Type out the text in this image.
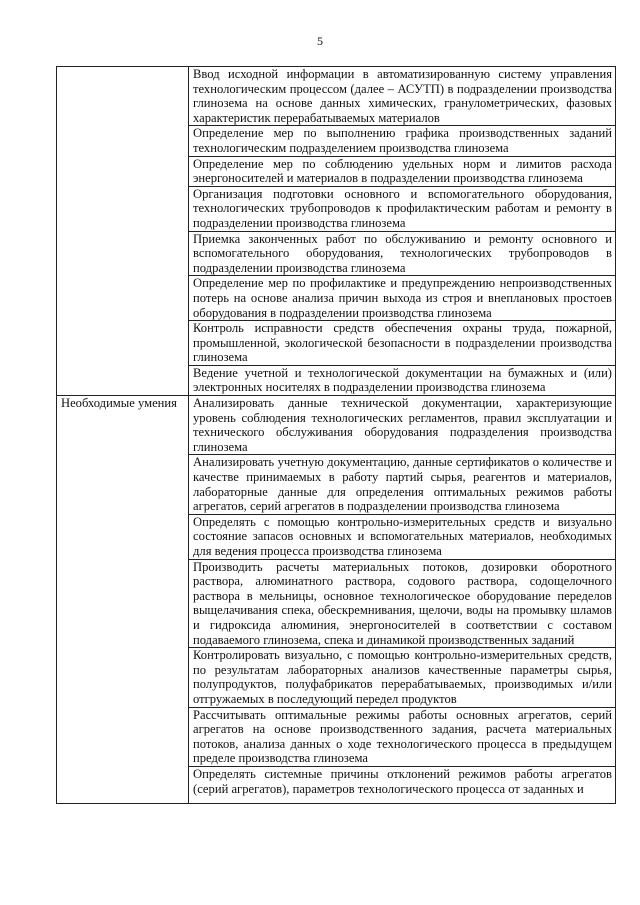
5

	Ввод исходной информации в автоматизированную систему управления технологическим процессом (далее – АСУТП) в подразделении производства глинозема на основе данных химических, гранулометрических, фазовых характеристик перерабатываемых материалов

	Определение мер по выполнению графика производственных заданий технологическим подразделением производства глинозема

	Определение мер по соблюдению удельных норм и лимитов расхода энергоносителей и материалов в подразделении производства глинозема

	Организация подготовки основного и вспомогательного оборудования, технологических трубопроводов к профилактическим работам и ремонту в подразделении производства глинозема

	Приемка законченных работ по обслуживанию и ремонту основного и вспомогательного оборудования, технологических трубопроводов в подразделении производства глинозема

	Определение мер по профилактике и предупреждению непроизводственных потерь на основе анализа причин выхода из строя и внеплановых простоев оборудования в подразделении производства глинозема

	Контроль исправности средств обеспечения охраны труда, пожарной, промышленной, экологической безопасности в подразделении производства глинозема

	Ведение учетной и технологической документации на бумажных и (или) электронных носителях в подразделении производства глинозема

Необходимые умения	Анализировать данные технической документации, характеризующие уровень соблюдения технологических регламентов, правил эксплуатации и технического обслуживания оборудования подразделения производства глинозема

	Анализировать учетную документацию, данные сертификатов о количестве и качестве принимаемых в работу партий сырья, реагентов и материалов, лабораторные данные для определения оптимальных режимов работы агрегатов, серий агрегатов в подразделении производства глинозема

	Определять с помощью контрольно-измерительных средств и визуально состояние запасов основных и вспомогательных материалов, необходимых для ведения процесса производства глинозема

	Производить расчеты материальных потоков, дозировки оборотного раствора, алюминатного раствора, содового раствора, содощелочного раствора в мельницы, основное технологическое оборудование переделов выщелачивания спека, обескремнивания, щелочи, воды на промывку шламов и гидроксида алюминия, энергоносителей в соответствии с составом подаваемого глинозема, спека и динамикой производственных заданий

	Контролировать визуально, с помощью контрольно-измерительных средств, по результатам лабораторных анализов качественные параметры сырья, полупродуктов, полуфабрикатов перерабатываемых, производимых и/или отгружаемых в последующий передел продуктов

	Рассчитывать оптимальные режимы работы основных агрегатов, серий агрегатов на основе производственного задания, расчета материальных потоков, анализа данных о ходе технологического процесса в предыдущем пределе производства глинозема

	Определять системные причины отклонений режимов работы агрегатов (серий агрегатов), параметров технологического процесса от заданных и
